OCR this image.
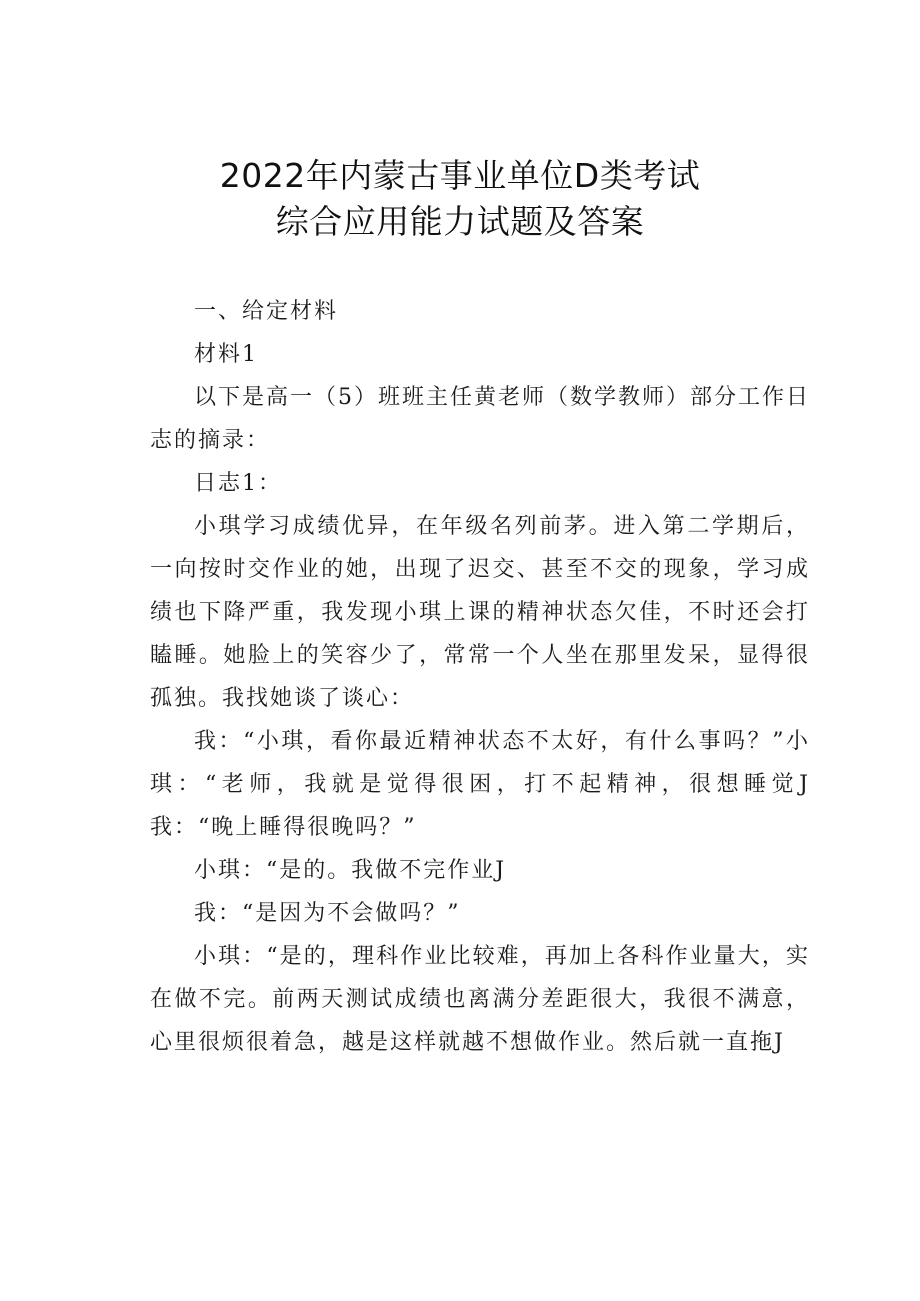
2022年内蒙古事业单位D类考试
综合应用能力试题及答案

一、给定材料

材料1

以下是高一（5）班班主任黄老师（数学教师）部分工作日志的摘录：

日志1：

小琪学习成绩优异，在年级名列前茅。进入第二学期后，一向按时交作业的她，出现了迟交、甚至不交的现象，学习成绩也下降严重，我发现小琪上课的精神状态欠佳，不时还会打瞌睡。她脸上的笑容少了，常常一个人坐在那里发呆，显得很孤独。我找她谈了谈心：

我：“小琪，看你最近精神状态不太好，有什么事吗？”小琪：“老师，我就是觉得很困，打不起精神，很想睡觉J我：“晚上睡得很晚吗？”

小琪：“是的。我做不完作业J

我：“是因为不会做吗？”

小琪：“是的，理科作业比较难，再加上各科作业量大，实在做不完。前两天测试成绩也离满分差距很大，我很不满意，心里很烦很着急，越是这样就越不想做作业。然后就一直拖J
